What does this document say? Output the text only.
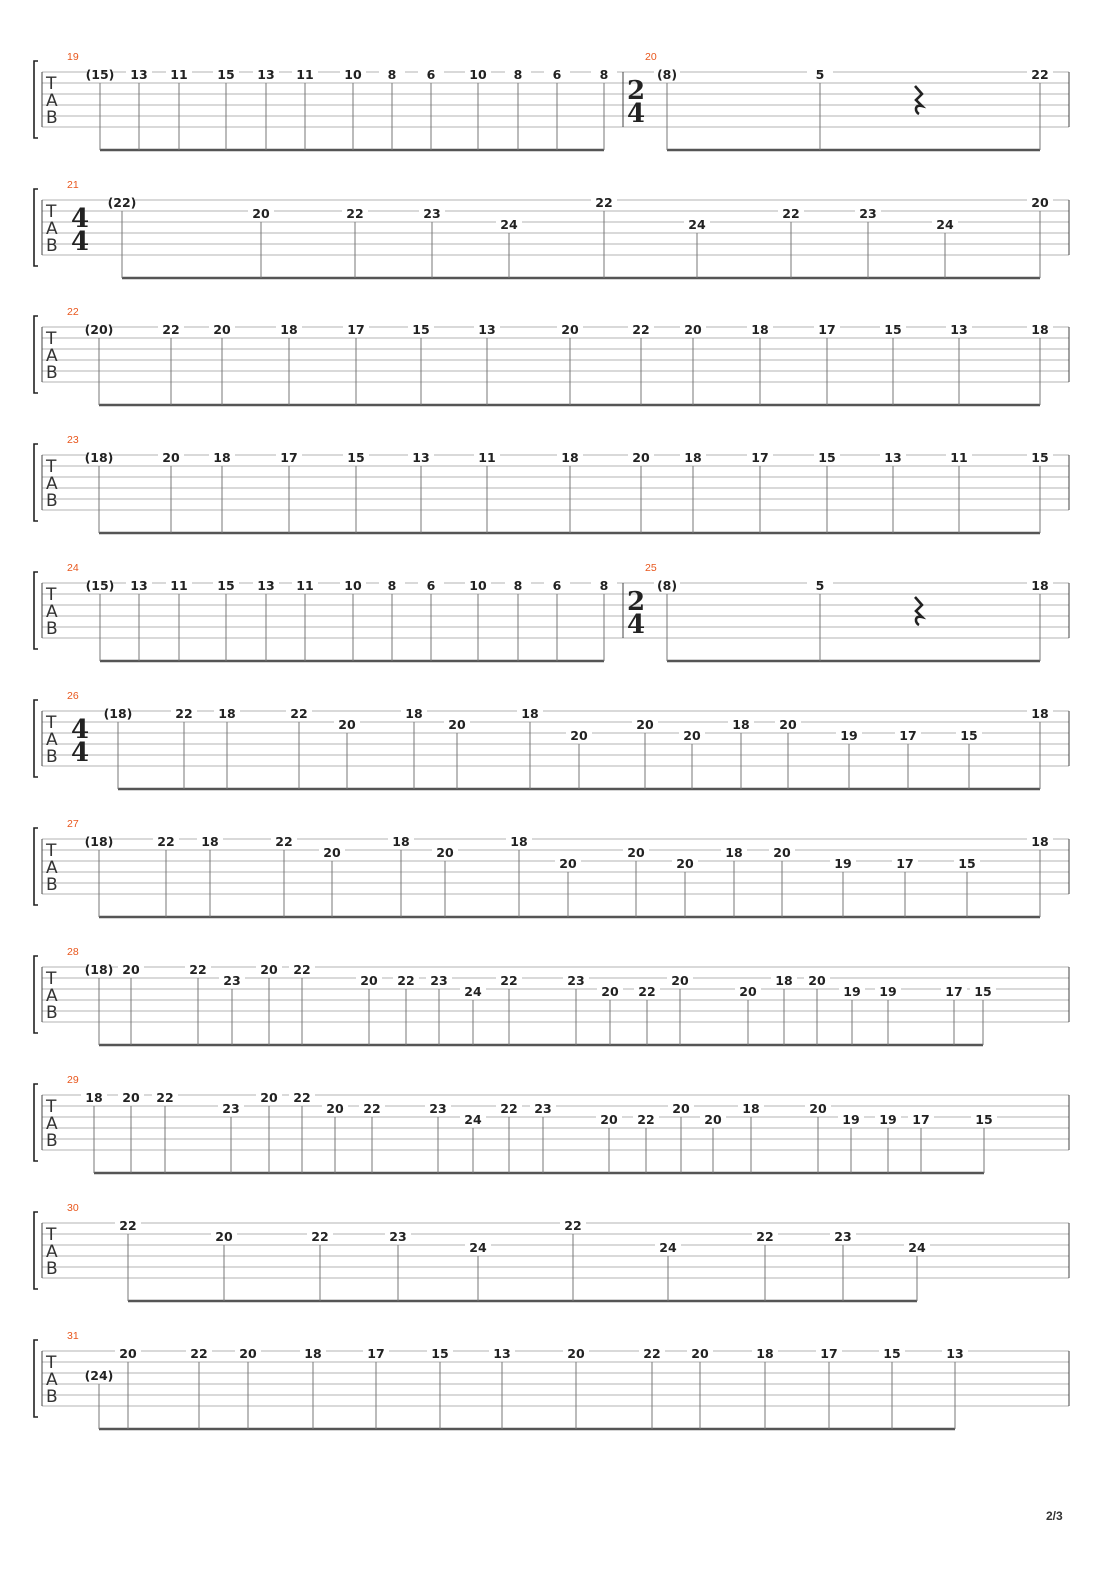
T
A
B
19
(15) 13 11 15 13 11 10 8 6	10 8 6	8
20
2
4
(8)	5	22
T
A
B
21
4
4
(22)
20	22	23
24
22
24
22	23
24
20
T
A
B
22
(20)	22	20	18	17	15	13	20	22	20	18	17	15	13	18
T
A
B
23
(18)	20	18	17	15	13	11	18	20	18	17	15	13	11	15
T
A
B
24
(15) 13 11 15 13 11 10 8 6	10 8 6	8
25
2
4
(8)	5	18
T
A
B
26
4
4
(18)	22 18	22
20
18
20
18
20
20
20
18 20
19	17	15
18
T
A
B
27
(18)	22 18	22
20
18
20
18
20
20
20
18 20
19	17	15
18
T
A
B
28
(18) 20	22
23
20 22
20 22 23
24
22	23
20 22
20
20
18 20
19 19	17 15
T
A
B
29
18 20 22
23
20 22
20 22	23
24
22 23
20 22
20
20
18	20
19 19 17	15
T
A
B
30
22
20	22	23
24
22
24
22	23
24
T
A
B
31
(24)
20	22	20	18	17	15	13	20	22 20	18	17	15	13
2/3
